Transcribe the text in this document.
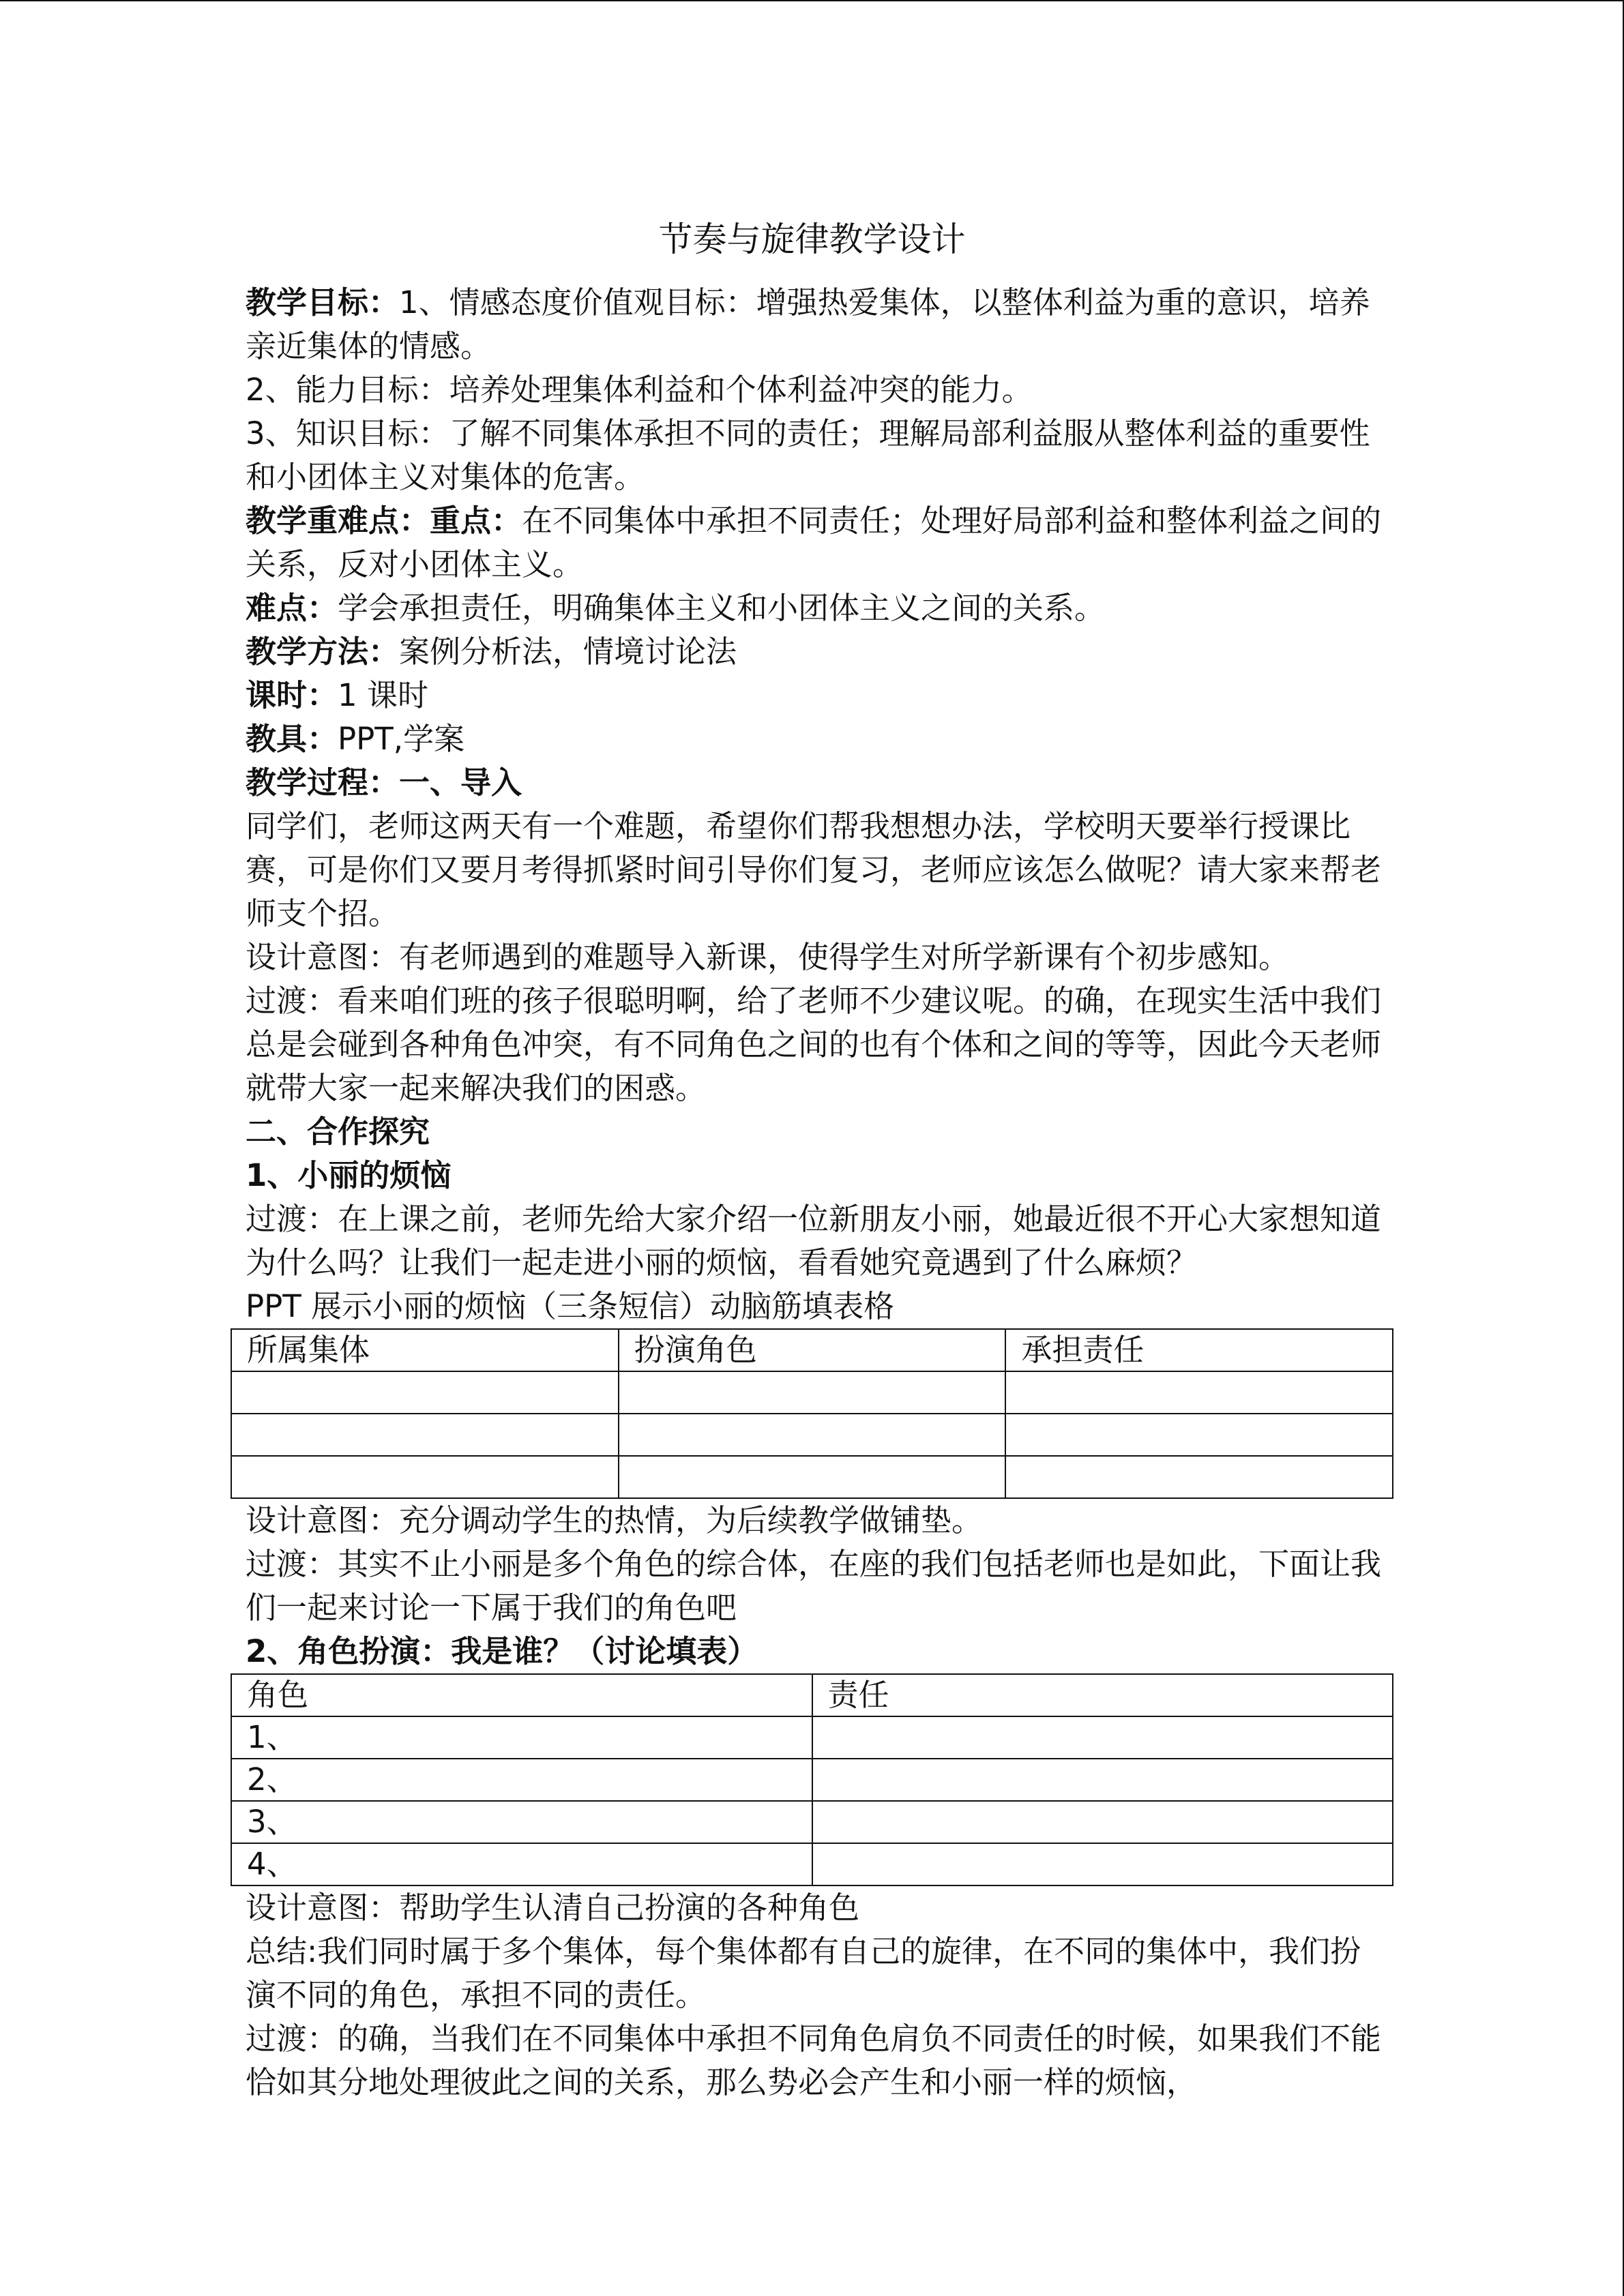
节奏与旋律教学设计

教学目标：1、情感态度价值观目标：增强热爱集体，以整体利益为重的意识，培养亲近集体的情感。

2、能力目标：培养处理集体利益和个体利益冲突的能力。

3、知识目标：了解不同集体承担不同的责任；理解局部利益服从整体利益的重要性和小团体主义对集体的危害。

教学重难点：重点：在不同集体中承担不同责任；处理好局部利益和整体利益之间的关系，反对小团体主义。

难点：学会承担责任，明确集体主义和小团体主义之间的关系。

教学方法：案例分析法，情境讨论法

课时：1 课时

教具：PPT,学案

教学过程：一、导入

同学们，老师这两天有一个难题，希望你们帮我想想办法，学校明天要举行授课比赛，可是你们又要月考得抓紧时间引导你们复习，老师应该怎么做呢？请大家来帮老师支个招。

设计意图：有老师遇到的难题导入新课，使得学生对所学新课有个初步感知。

过渡：看来咱们班的孩子很聪明啊，给了老师不少建议呢。的确，在现实生活中我们总是会碰到各种角色冲突，有不同角色之间的也有个体和之间的等等，因此今天老师就带大家一起来解决我们的困惑。

二、合作探究

1、小丽的烦恼

过渡：在上课之前，老师先给大家介绍一位新朋友小丽，她最近很不开心大家想知道为什么吗？让我们一起走进小丽的烦恼，看看她究竟遇到了什么麻烦？

PPT 展示小丽的烦恼（三条短信）动脑筋填表格

所属集体	扮演角色	承担责任

设计意图：充分调动学生的热情，为后续教学做铺垫。

过渡：其实不止小丽是多个角色的综合体，在座的我们包括老师也是如此，下面让我们一起来讨论一下属于我们的角色吧

2、角色扮演：我是谁？（讨论填表）

角色	责任
1、	
2、	
3、	
4、	

设计意图：帮助学生认清自己扮演的各种角色

总结:我们同时属于多个集体，每个集体都有自己的旋律，在不同的集体中，我们扮演不同的角色，承担不同的责任。

过渡：的确，当我们在不同集体中承担不同角色肩负不同责任的时候，如果我们不能恰如其分地处理彼此之间的关系，那么势必会产生和小丽一样的烦恼，
